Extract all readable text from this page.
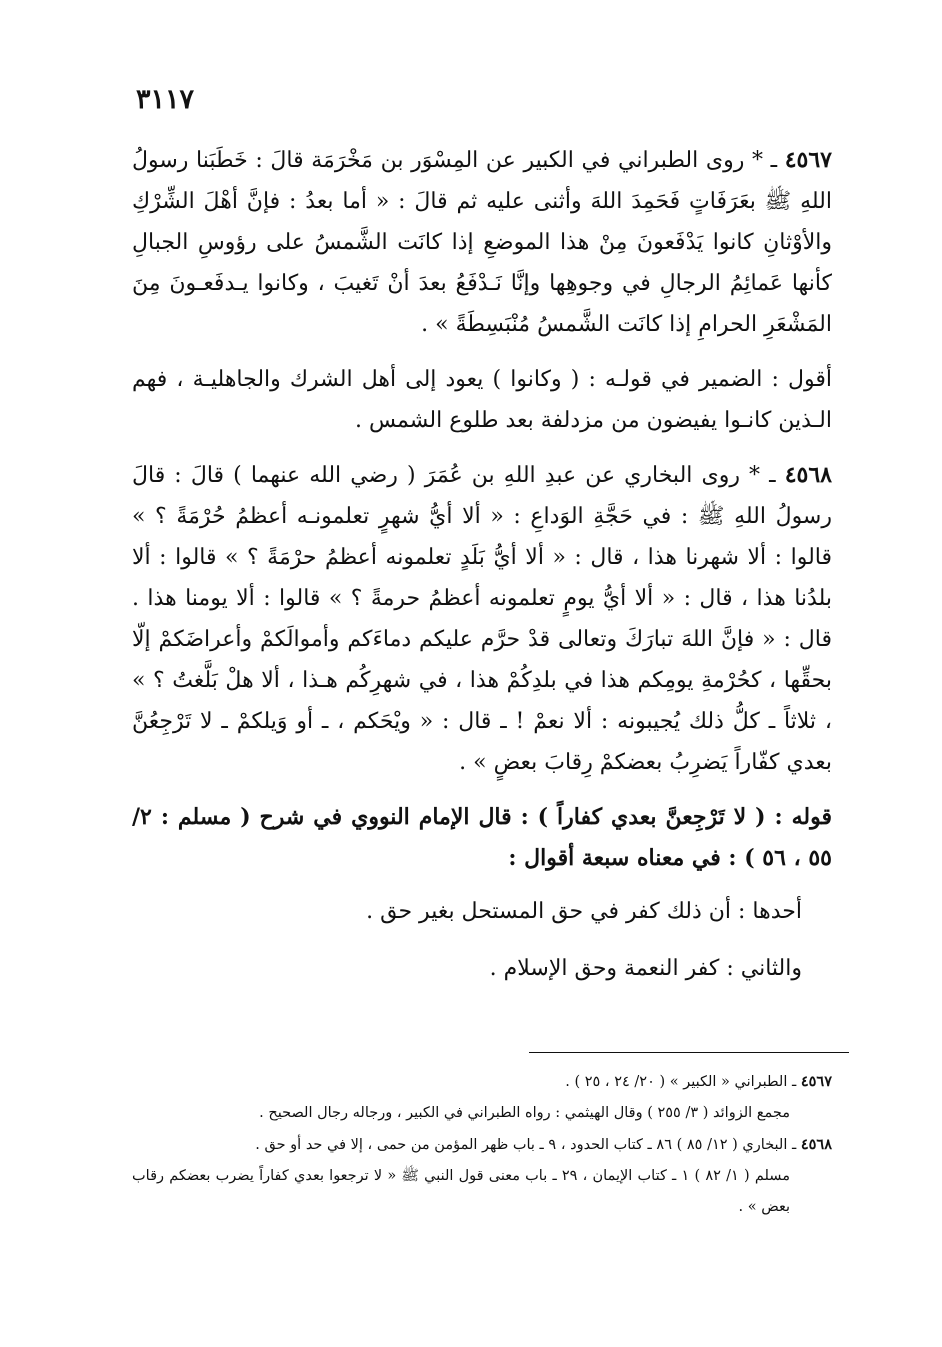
٣١١٧

٤٥٦٧ ـ * روى الطبراني في الكبير عن المِسْوَر بن مَخْرَمَة قالَ : خَطَبَنا رسولُ اللهِ ﷺ بعَرَفَاتٍ فَحَمِدَ اللهَ وأثنى عليه ثم قالَ : « أما بعدُ : فإنَّ أهْلَ الشِّرْكِ والأوْثانِ كانوا يَدْفَعونَ مِنْ هذا الموضعِ إذا كانَت الشَّمسُ على رؤوسِ الجبالِ كأنها عَمائِمُ الرجالِ في وجوهِها وإنَّا نَـدْفَعُ بعدَ أنْ تَغيبَ ، وكانوا يـدفَعـونَ مِنَ المَشْعَرِ الحرامِ إذا كانَت الشَّمسُ مُنْبَسِطَةً » .

أقول : الضمير في قولـه : ( وكانوا ) يعود إلى أهل الشرك والجاهليـة ، فهم الـذين كانـوا يفيضون من مزدلفة بعد طلوع الشمس .

٤٥٦٨ ـ * روى البخاري عن عبدِ اللهِ بن عُمَرَ ( رضي الله عنهما ) قالَ : قالَ رسولُ اللهِ ﷺ : في حَجَّةِ الوَداعِ : « ألا أيُّ شهرٍ تعلمونـه أعظمُ حُرْمَةً ؟ » قالوا : ألا شهرنا هذا ، قال : « ألا أيُّ بَلَدٍ تعلمونه أعظمُ حرْمَةً ؟ » قالوا : ألا بلدُنا هذا ، قال : « ألا أيُّ يومٍ تعلمونه أعظمُ حرمةً ؟ » قالوا : ألا يومنا هذا . قال : « فإنَّ اللهَ تبارَكَ وتعالى قدْ حرَّم عليكم دماءَكم وأموالَكمْ وأعراضَكمْ إلّا بحقِّها ، كحُرْمةِ يومِكم هذا في بلدِكُمْ هذا ، في شهرِكُم هـذا ، ألا هلْ بَلَّغتُ ؟ » ، ثلاثاً ـ كلُّ ذلك يُجيبونه : ألا نعمْ ! ـ قال : « ويْحَكم ، ـ أو وَيلكمْ ـ لا تَرْجِعُنَّ بعدي كفّاراً يَضرِبُ بعضكمْ رِقابَ بعضٍ » .

قوله : ( لا تَرْجِعنَّ بعدي كفاراً ) : قال الإمام النووي في شرح ( مسلم : ٢/ ٥٥ ، ٥٦ ) : في معناه سبعة أقوال :

أحدها : أن ذلك كفر في حق المستحل بغير حق .

والثاني : كفر النعمة وحق الإسلام .

٤٥٦٧ ـ الطبراني « الكبير » ( ٢٠/ ٢٤ ، ٢٥ ) .

مجمع الزوائد ( ٣/ ٢٥٥ ) وقال الهيثمي : رواه الطبراني في الكبير ، ورجاله رجال الصحيح .

٤٥٦٨ ـ البخاري ( ١٢/ ٨٥ ) ٨٦ ـ كتاب الحدود ، ٩ ـ باب ظهر المؤمن من حمى ، إلا في حد أو حق .

مسلم ( ١/ ٨٢ ) ١ ـ كتاب الإيمان ، ٢٩ ـ باب معنى قول النبي ﷺ « لا ترجعوا بعدي كفاراً يضرب بعضكم رقاب بعض » .
